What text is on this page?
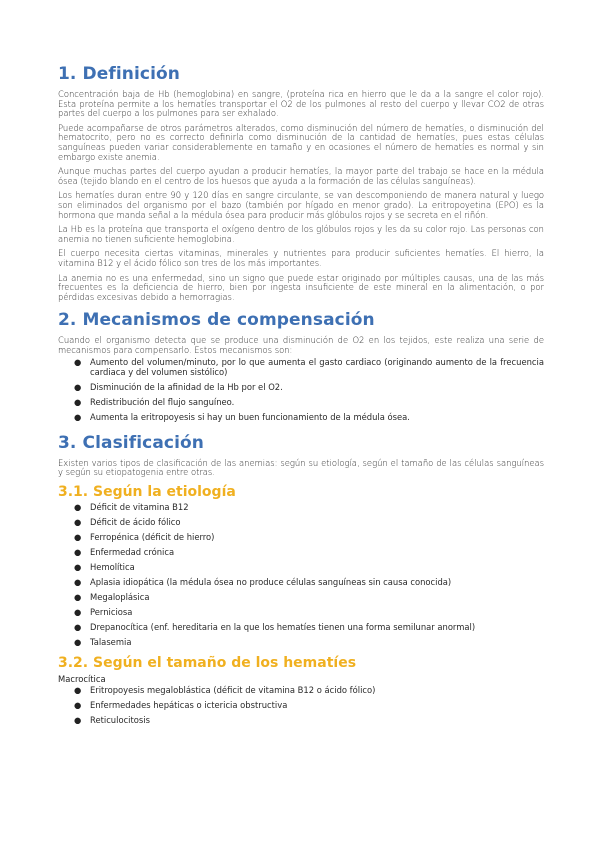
1. Definición

Concentración baja de Hb (hemoglobina) en sangre, (proteína rica en hierro que le da a la sangre el color rojo). Esta proteína permite a los hematíes transportar el O2 de los pulmones al resto del cuerpo y llevar CO2 de otras partes del cuerpo a los pulmones para ser exhalado.

Puede acompañarse de otros parámetros alterados, como disminución del número de hematíes, o disminución del hematocrito, pero no es correcto definirla como disminución de la cantidad de hematíes, pues estas células sanguíneas pueden variar considerablemente en tamaño y en ocasiones el número de hematíes es normal y sin embargo existe anemia.

Aunque muchas partes del cuerpo ayudan a producir hematíes, la mayor parte del trabajo se hace en la médula ósea (tejido blando en el centro de los huesos que ayuda a la formación de las células sanguíneas).

Los hematíes duran entre 90 y 120 días en sangre circulante, se van descomponiendo de manera natural y luego son eliminados del organismo por el bazo (también por hígado en menor grado). La eritropoyetina (EPO) es la hormona que manda señal a la médula ósea para producir más glóbulos rojos y se secreta en el riñón.

La Hb es la proteína que transporta el oxígeno dentro de los glóbulos rojos y les da su color rojo. Las personas con anemia no tienen suficiente hemoglobina.

El cuerpo necesita ciertas vitaminas, minerales y nutrientes para producir suficientes hematíes. El hierro, la vitamina B12 y el ácido fólico son tres de los más importantes.

La anemia no es una enfermedad, sino un signo que puede estar originado por múltiples causas, una de las más frecuentes es la deficiencia de hierro, bien por ingesta insuficiente de este mineral en la alimentación, o por pérdidas excesivas debido a hemorragias.

2. Mecanismos de compensación

Cuando el organismo detecta que se produce una disminución de O2 en los tejidos, este realiza una serie de mecanismos para compensarlo. Estos mecanismos son:

● Aumento del volumen/minuto, por lo que aumenta el gasto cardiaco (originando aumento de la frecuencia cardiaca y del volumen sistólico)
● Disminución de la afinidad de la Hb por el O2.
● Redistribución del flujo sanguíneo.
● Aumenta la eritropoyesis si hay un buen funcionamiento de la médula ósea.
3. Clasificación

Existen varios tipos de clasificación de las anemias: según su etiología, según el tamaño de las células sanguíneas y según su etiopatogenia entre otras.

3.1. Según la etiología
● Déficit de vitamina B12
● Déficit de ácido fólico
● Ferropénica (déficit de hierro)
● Enfermedad crónica
● Hemolítica
● Aplasia idiopática (la médula ósea no produce células sanguíneas sin causa conocida)
● Megaloplásica
● Perniciosa
● Drepanocítica (enf. hereditaria en la que los hematíes tienen una forma semilunar anormal)
● Talasemia
3.2. Según el tamaño de los hematíes
Macrocítica
● Eritropoyesis megaloblástica (déficit de vitamina B12 o ácido fólico)
● Enfermedades hepáticas o ictericia obstructiva
● Reticulocitosis
